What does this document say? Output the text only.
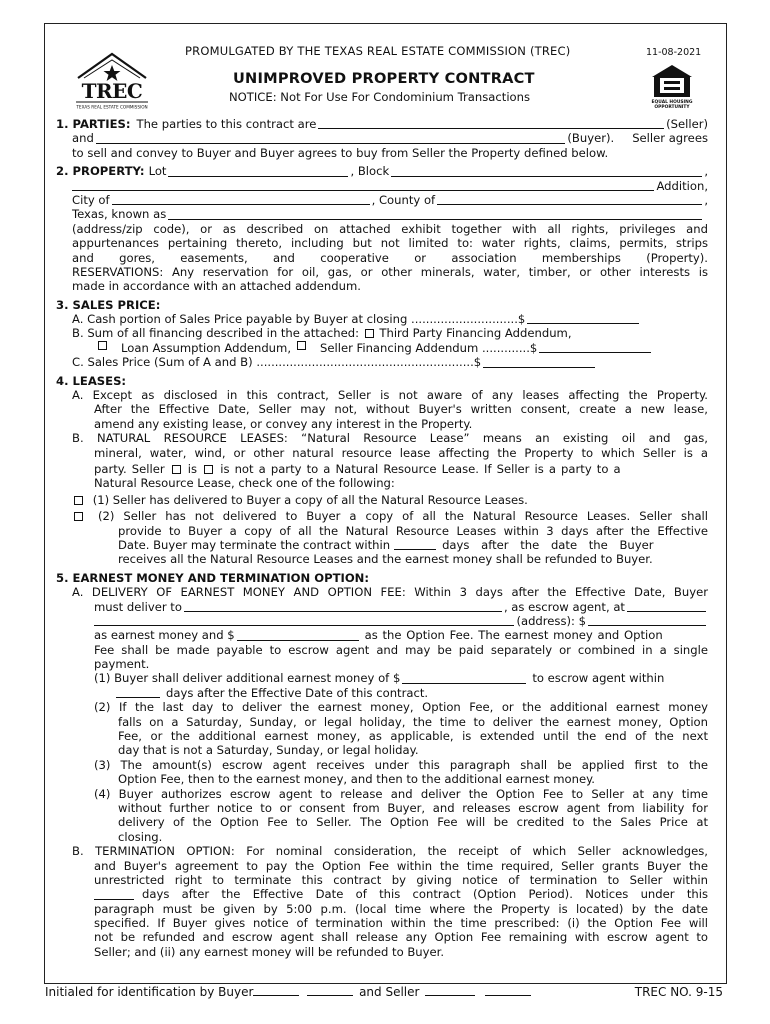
PROMULGATED BY THE TEXAS REAL ESTATE COMMISSION (TREC)	11-08-2021
TREC
TEXAS REAL ESTATE COMMISSION
EQUAL HOUSING
OPPORTUNITY
UNIMPROVED PROPERTY CONTRACT
NOTICE: Not For Use For Condominium Transactions
1. PARTIES: The parties to this contract are	(Seller)
and	(Buyer). Seller agrees
to sell and convey to Buyer and Buyer agrees to buy from Seller the Property defined below.
2. PROPERTY: Lot	, Block	,
Addition,
City of	, County of	,
Texas, known as
(address/zip code), or as described on attached exhibit together with all rights, privileges and
appurtenances pertaining thereto, including but not limited to: water rights, claims, permits, strips
and gores, easements, and cooperative or association memberships (Property).
RESERVATIONS: Any reservation for oil, gas, or other minerals, water, timber, or other interests is
made in accordance with an attached addendum.
3. SALES PRICE:
A. Cash portion of Sales Price payable by Buyer at closing .............................$
B. Sum of all financing described in the attached: Third Party Financing Addendum,
Loan Assumption Addendum,	Seller Financing Addendum .............$
C. Sales Price (Sum of A and B) ...........................................................$
4. LEASES:
A. Except as disclosed in this contract, Seller is not aware of any leases affecting the Property.
After the Effective Date, Seller may not, without Buyer's written consent, create a new lease,
amend any existing lease, or convey any interest in the Property.
B. NATURAL RESOURCE LEASES: “Natural Resource Lease” means an existing oil and gas,
mineral, water, wind, or other natural resource lease affecting the Property to which Seller is a
party. Seller is is not a party to a Natural Resource Lease. If Seller is a party to a
Natural Resource Lease, check one of the following:
(1) Seller has delivered to Buyer a copy of all the Natural Resource Leases.
(2) Seller has not delivered to Buyer a copy of all the Natural Resource Leases. Seller shall
provide to Buyer a copy of all the Natural Resource Leases within 3 days after the Effective
Date. Buyer may terminate the contract within	days after the date the Buyer
receives all the Natural Resource Leases and the earnest money shall be refunded to Buyer.
5. EARNEST MONEY AND TERMINATION OPTION:
A. DELIVERY OF EARNEST MONEY AND OPTION FEE: Within 3 days after the Effective Date, Buyer
must deliver to	, as escrow agent, at
(address): $
as earnest money and $	as the Option Fee. The earnest money and Option
Fee shall be made payable to escrow agent and may be paid separately or combined in a single
payment.
(1) Buyer shall deliver additional earnest money of $	to escrow agent within
days after the Effective Date of this contract.
(2) If the last day to deliver the earnest money, Option Fee, or the additional earnest money
falls on a Saturday, Sunday, or legal holiday, the time to deliver the earnest money, Option
Fee, or the additional earnest money, as applicable, is extended until the end of the next
day that is not a Saturday, Sunday, or legal holiday.
(3) The amount(s) escrow agent receives under this paragraph shall be applied first to the
Option Fee, then to the earnest money, and then to the additional earnest money.
(4) Buyer authorizes escrow agent to release and deliver the Option Fee to Seller at any time
without further notice to or consent from Buyer, and releases escrow agent from liability for
delivery of the Option Fee to Seller. The Option Fee will be credited to the Sales Price at
closing.
B. TERMINATION OPTION: For nominal consideration, the receipt of which Seller acknowledges,
and Buyer's agreement to pay the Option Fee within the time required, Seller grants Buyer the
unrestricted right to terminate this contract by giving notice of termination to Seller within
days after the Effective Date of this contract (Option Period). Notices under this
paragraph must be given by 5:00 p.m. (local time where the Property is located) by the date
specified. If Buyer gives notice of termination within the time prescribed: (i) the Option Fee will
not be refunded and escrow agent shall release any Option Fee remaining with escrow agent to
Seller; and (ii) any earnest money will be refunded to Buyer.
Initialed for identification by Buyer	and Seller	TREC NO. 9-15
